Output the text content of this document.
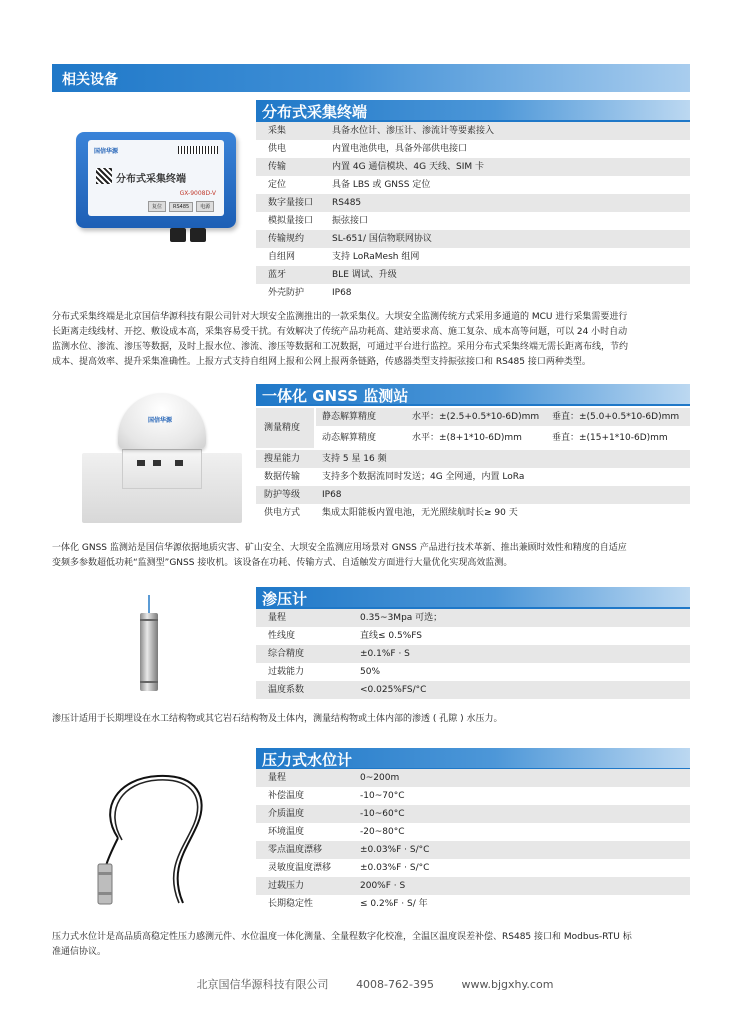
相关设备
分布式采集终端
国信华源
分布式采集终端
GX-9008D-V
复位 RS485 电源
采集	具备水位计、渗压计、渗流计等要素接入
供电	内置电池供电，具备外部供电接口
传输	内置 4G 通信模块、4G 天线、SIM 卡
定位	具备 LBS 或 GNSS 定位
数字量接口 RS485
模拟量接口 振弦接口
传输规约	SL-651/ 国信物联网协议
自组网	支持 LoRaMesh 组网
蓝牙	BLE 调试、升级
外壳防护	IP68
分布式采集终端是北京国信华源科技有限公司针对大坝安全监测推出的一款采集仪。大坝安全监测传统方式采用多通道的 MCU 进行采集需要进行
长距离走线线材、开挖、敷设成本高，采集容易受干扰。有效解决了传统产品功耗高、建站要求高、施工复杂、成本高等问题，可以 24 小时自动
监测水位、渗流、渗压等数据，及时上报水位、渗流、渗压等数据和工况数据，可通过平台进行监控。采用分布式采集终端无需长距离布线，节约
成本、提高效率、提升采集准确性。上报方式支持自组网上报和公网上报两条链路，传感器类型支持振弦接口和 RS485 接口两种类型。
一体化 GNSS 监测站
国信华源
测量精度
静态解算精度	水平：±(2.5+0.5*10-6D)mm 垂直：±(5.0+0.5*10-6D)mm
动态解算精度	水平：±(8+1*10-6D)mm	垂直：±(15+1*10-6D)mm
搜星能力 支持 5 星 16 频
数据传输 支持多个数据流同时发送；4G 全网通，内置 LoRa
防护等级 IP68
供电方式 集成太阳能板内置电池，无光照续航时长≥ 90 天
一体化 GNSS 监测站是国信华源依据地质灾害、矿山安全、大坝安全监测应用场景对 GNSS 产品进行技术革新、推出兼顾时效性和精度的自适应
变频多参数超低功耗“监测型”GNSS 接收机。该设备在功耗、传输方式、自适触发方面进行大量优化实现高效监测。
渗压计
量程	0.35~3Mpa 可选；
性线度	直线≤ 0.5%FS
综合精度	±0.1%F · S
过载能力	50%
温度系数	<0.025%FS/°C
渗压计适用于长期埋设在水工结构物或其它岩石结构物及土体内，测量结构物或土体内部的渗透 ( 孔隙 ) 水压力。
压力式水位计
量程	0~200m
补偿温度	-10~70°C
介质温度	-10~60°C
环境温度	-20~80°C
零点温度漂移	±0.03%F · S/°C
灵敏度温度漂移	±0.03%F · S/°C
过载压力	200%F · S
长期稳定性	≤ 0.2%F · S/ 年
压力式水位计是高品质高稳定性压力感测元件、水位温度一体化测量、全量程数字化校准，全温区温度误差补偿、RS485 接口和 Modbus-RTU 标
准通信协议。
北京国信华源科技有限公司	4008-762-395	www.bjgxhy.com
